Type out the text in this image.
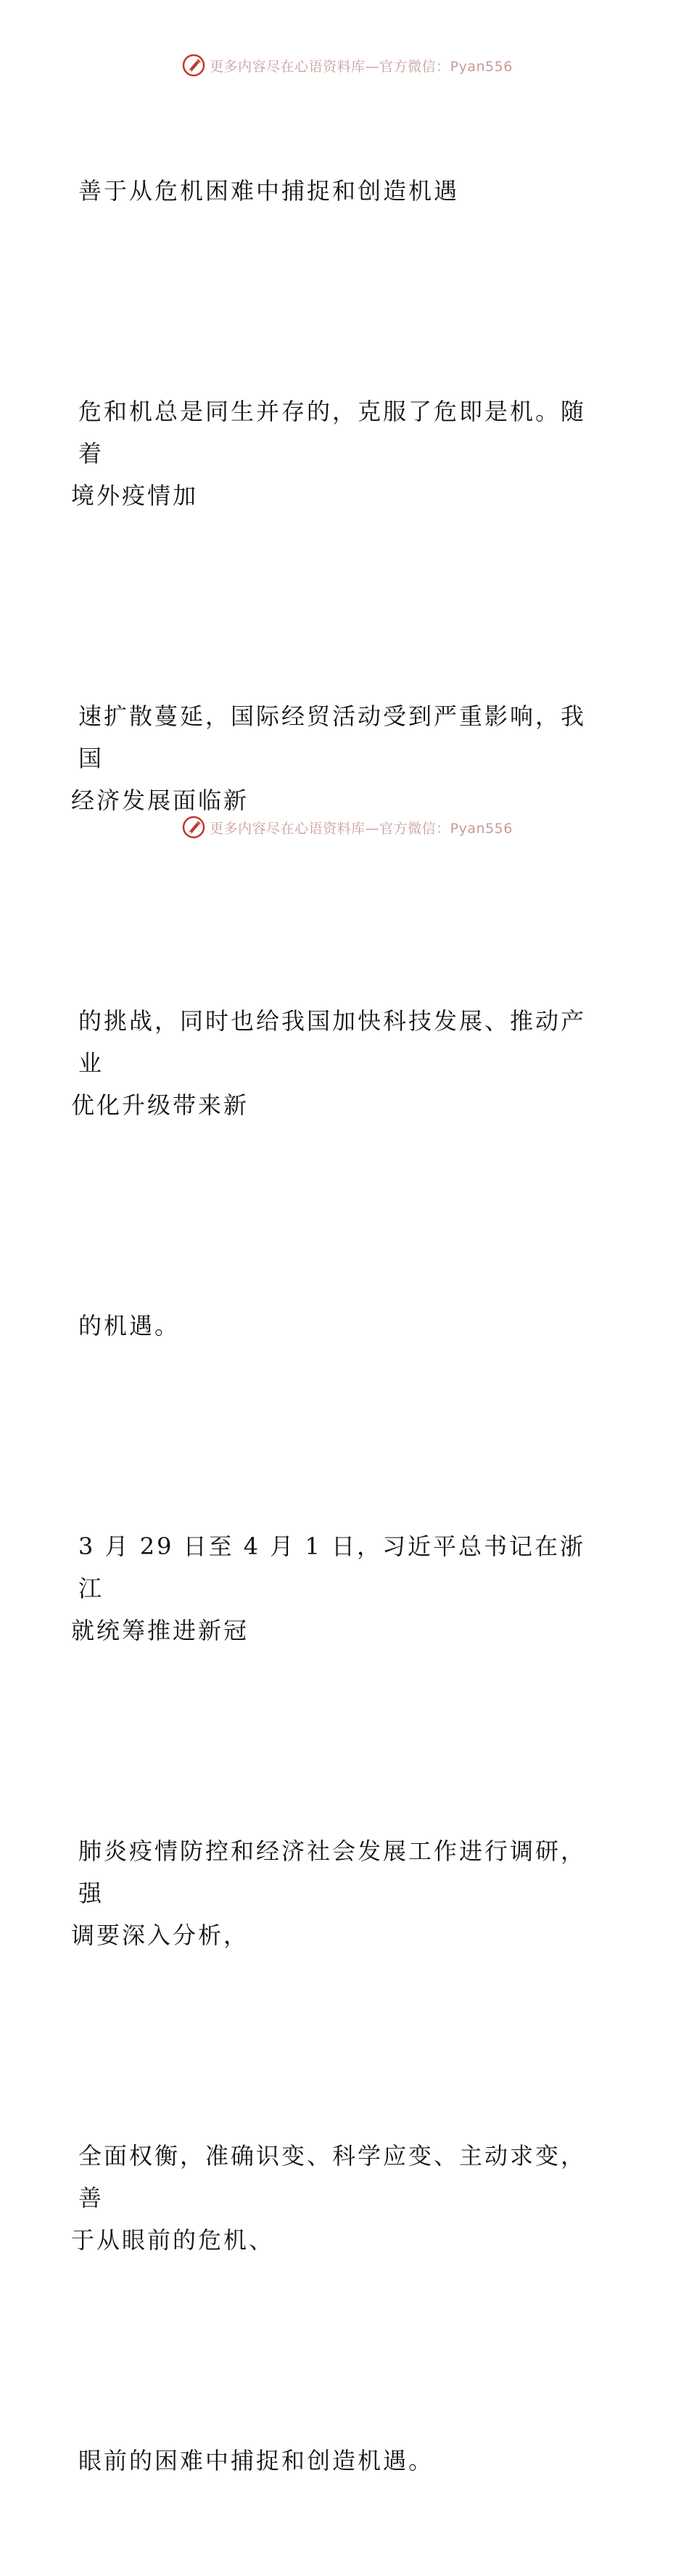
更多内容尽在心语资料库—官方微信：Pyan556

善于从危机困难中捕捉和创造机遇

危和机总是同生并存的，克服了危即是机。随着
境外疫情加

速扩散蔓延，国际经贸活动受到严重影响，我国
经济发展面临新

的挑战，同时也给我国加快科技发展、推动产业
优化升级带来新

的机遇。

3 月 29 日至 4 月 1 日，习近平总书记在浙江
就统筹推进新冠

肺炎疫情防控和经济社会发展工作进行调研，强
调要深入分析，

全面权衡，准确识变、科学应变、主动求变，善
于从眼前的危机、

眼前的困难中捕捉和创造机遇。

更多内容尽在心语资料库—官方微信：Pyan556
